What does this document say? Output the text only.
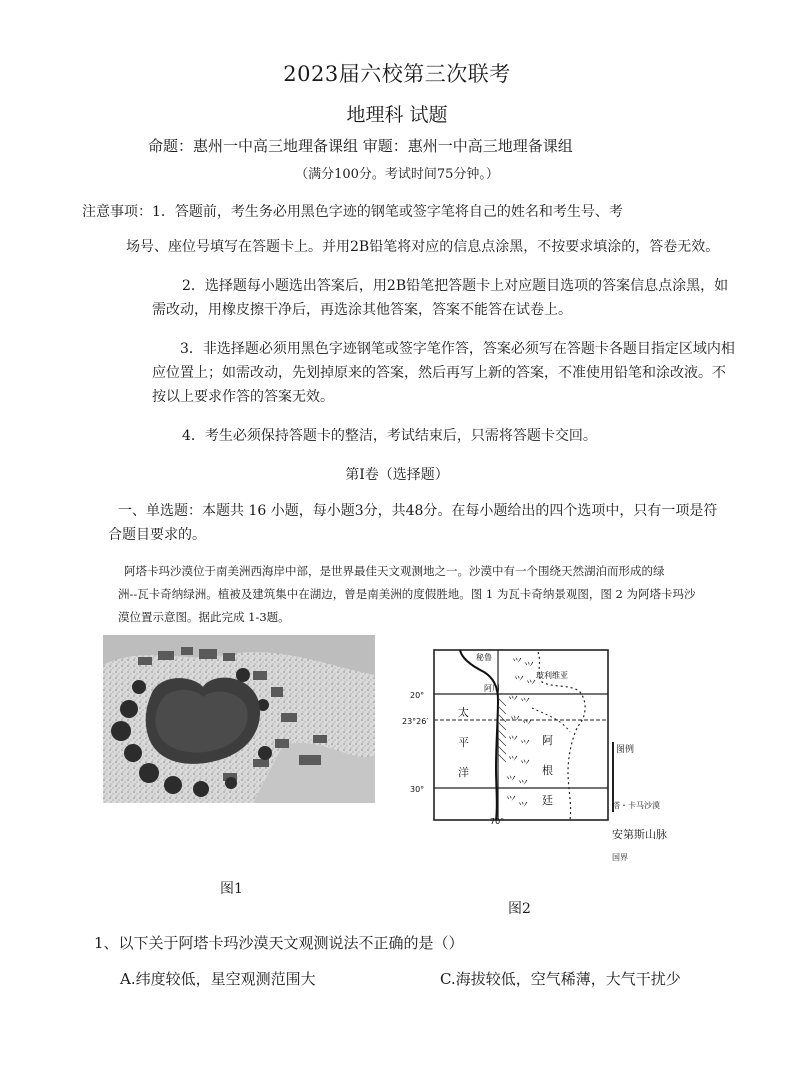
2023届六校第三次联考
地理科 试题
命题：惠州一中高三地理备课组 审题：惠州一中高三地理备课组
（满分100分。考试时间75分钟。）
注意事项：1．答题前，考生务必用黑色字迹的钢笔或签字笔将自己的姓名和考生号、考
场号、座位号填写在答题卡上。并用2B铅笔将对应的信息点涂黑，不按要求填涂的，答卷无效。
2．选择题每小题选出答案后，用2B铅笔把答题卡上对应题目选项的答案信息点涂黑，如
需改动，用橡皮擦干净后，再选涂其他答案，答案不能答在试卷上。
3．非选择题必须用黑色字迹钢笔或签字笔作答，答案必须写在答题卡各题目指定区域内相
应位置上；如需改动，先划掉原来的答案，然后再写上新的答案，不准使用铅笔和涂改液。不
按以上要求作答的答案无效。
4．考生必须保持答题卡的整洁，考试结束后，只需将答题卡交回。
第Ⅰ卷（选择题）
一、单选题：本题共 16 小题，每小题3分，共48分。在每小题给出的四个选项中，只有一项是符
合题目要求的。
阿塔卡玛沙漠位于南美洲西海岸中部，是世界最佳天文观测地之一。沙漠中有一个围绕天然湖泊而形成的绿
洲--瓦卡奇纳绿洲。植被及建筑集中在湖边，曾是南美洲的度假胜地。图 1 为瓦卡奇纳景观图，图 2 为阿塔卡玛沙
漠位置示意图。据此完成 1-3题。
图1
⺍ ⺍
⺍ ⺍
⺍ ⺍
⺍ ⺍
⺍ ⺍
⺍ ⺍
⺍ ⺍
⺍
⺍
秘鲁
玻利维亚
阿川
20°
23°26′
30°
70°
太
平
洋
阿
根
廷
图例
塔・卡马沙漠
安第斯山脉
国界
图2
1、以下关于阿塔卡玛沙漠天文观测说法不正确的是（）
A.纬度较低，星空观测范围大	C.海拔较低，空气稀薄，大气干扰少
